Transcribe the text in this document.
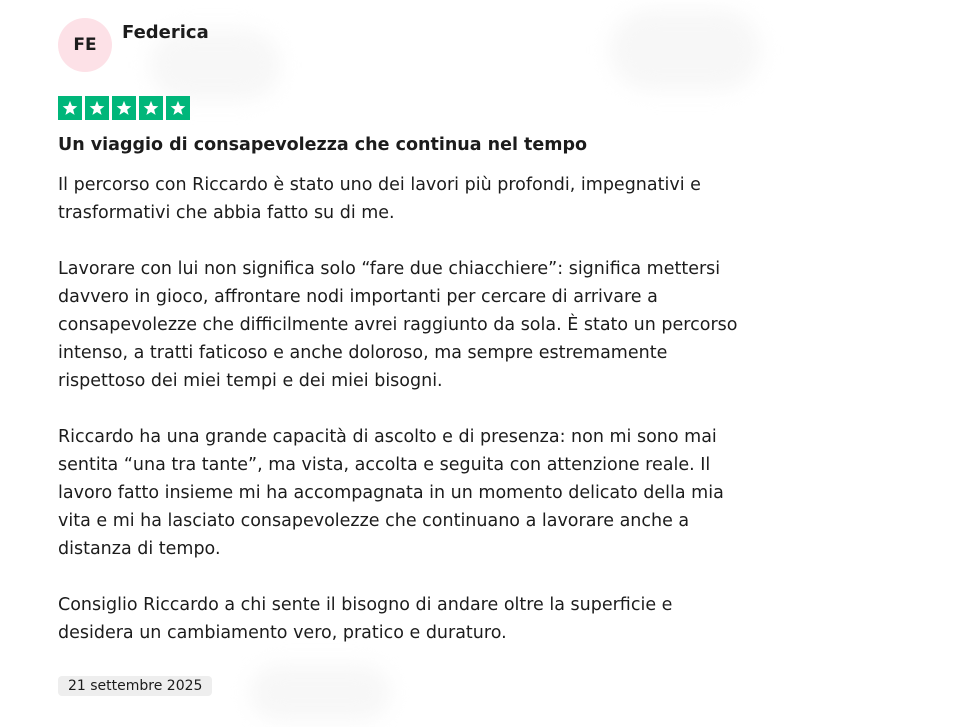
FE
Federica
Un viaggio di consapevolezza che continua nel tempo

Il percorso con Riccardo è stato uno dei lavori più profondi, impegnativi e trasformativi che abbia fatto su di me.

Lavorare con lui non significa solo “fare due chiacchiere”: significa mettersi davvero in gioco, affrontare nodi importanti per cercare di arrivare a consapevolezze che difficilmente avrei raggiunto da sola. È stato un percorso intenso, a tratti faticoso e anche doloroso, ma sempre estremamente rispettoso dei miei tempi e dei miei bisogni.

Riccardo ha una grande capacità di ascolto e di presenza: non mi sono mai sentita “una tra tante”, ma vista, accolta e seguita con attenzione reale. Il lavoro fatto insieme mi ha accompagnata in un momento delicato della mia vita e mi ha lasciato consapevolezze che continuano a lavorare anche a distanza di tempo.

Consiglio Riccardo a chi sente il bisogno di andare oltre la superficie e desidera un cambiamento vero, pratico e duraturo.

21 settembre 2025
